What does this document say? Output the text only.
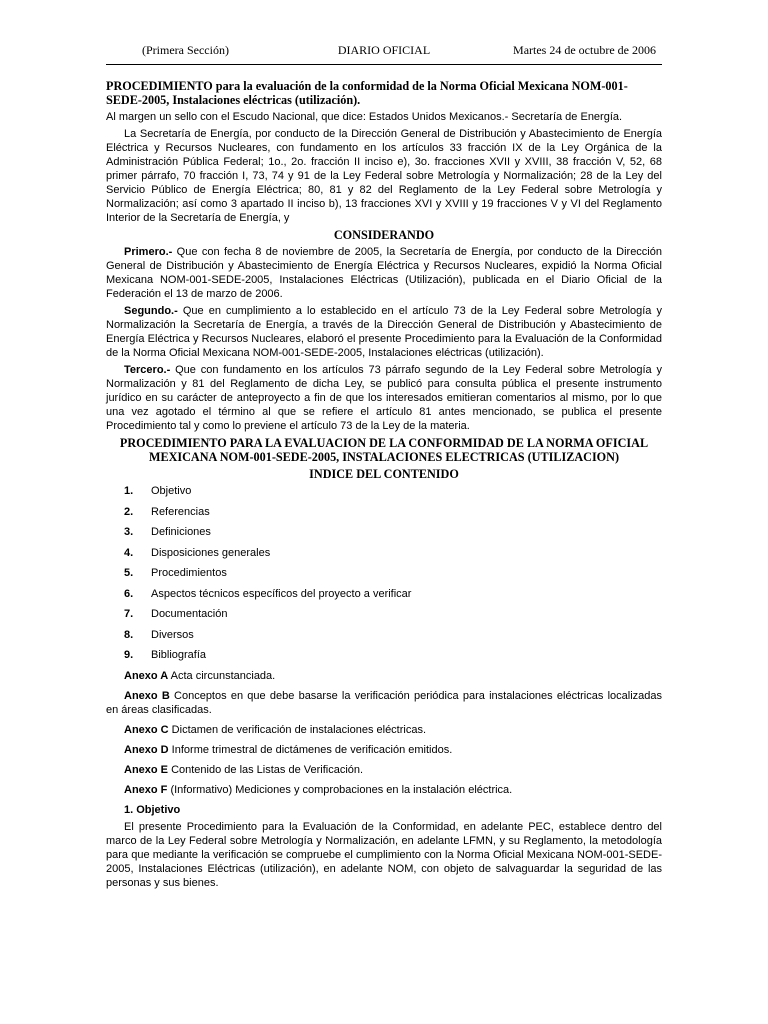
DIARIO OFICIAL
(Primera Sección)	Martes 24 de octubre de 2006

PROCEDIMIENTO para la evaluación de la conformidad de la Norma Oficial Mexicana NOM-001-SEDE-2005, Instalaciones eléctricas (utilización).

Al margen un sello con el Escudo Nacional, que dice: Estados Unidos Mexicanos.- Secretaría de Energía.

La Secretaría de Energía, por conducto de la Dirección General de Distribución y Abastecimiento de Energía Eléctrica y Recursos Nucleares, con fundamento en los artículos 33 fracción IX de la Ley Orgánica de la Administración Pública Federal; 1o., 2o. fracción II inciso e), 3o. fracciones XVII y XVIII, 38 fracción V, 52, 68 primer párrafo, 70 fracción I, 73, 74 y 91 de la Ley Federal sobre Metrología y Normalización; 28 de la Ley del Servicio Público de Energía Eléctrica; 80, 81 y 82 del Reglamento de la Ley Federal sobre Metrología y Normalización; así como 3 apartado II inciso b), 13 fracciones XVI y XVIII y 19 fracciones V y VI del Reglamento Interior de la Secretaría de Energía, y

CONSIDERANDO

Primero.- Que con fecha 8 de noviembre de 2005, la Secretaría de Energía, por conducto de la Dirección General de Distribución y Abastecimiento de Energía Eléctrica y Recursos Nucleares, expidió la Norma Oficial Mexicana NOM-001-SEDE-2005, Instalaciones Eléctricas (Utilización), publicada en el Diario Oficial de la Federación el 13 de marzo de 2006.

Segundo.- Que en cumplimiento a lo establecido en el artículo 73 de la Ley Federal sobre Metrología y Normalización la Secretaría de Energía, a través de la Dirección General de Distribución y Abastecimiento de Energía Eléctrica y Recursos Nucleares, elaboró el presente Procedimiento para la Evaluación de la Conformidad de la Norma Oficial Mexicana NOM-001-SEDE-2005, Instalaciones eléctricas (utilización).

Tercero.- Que con fundamento en los artículos 73 párrafo segundo de la Ley Federal sobre Metrología y Normalización y 81 del Reglamento de dicha Ley, se publicó para consulta pública el presente instrumento jurídico en su carácter de anteproyecto a fin de que los interesados emitieran comentarios al mismo, por lo que una vez agotado el término al que se refiere el artículo 81 antes mencionado, se publica el presente Procedimiento tal y como lo previene el artículo 73 de la Ley de la materia.

PROCEDIMIENTO PARA LA EVALUACION DE LA CONFORMIDAD DE LA NORMA OFICIAL MEXICANA NOM-001-SEDE-2005, INSTALACIONES ELECTRICAS (UTILIZACION)

INDICE DEL CONTENIDO

1. Objetivo
2. Referencias
3. Definiciones
4. Disposiciones generales
5. Procedimientos
6. Aspectos técnicos específicos del proyecto a verificar
7. Documentación
8. Diversos
9. Bibliografía

Anexo A Acta circunstanciada.

Anexo B Conceptos en que debe basarse la verificación periódica para instalaciones eléctricas localizadas en áreas clasificadas.

Anexo C Dictamen de verificación de instalaciones eléctricas.

Anexo D Informe trimestral de dictámenes de verificación emitidos.

Anexo E Contenido de las Listas de Verificación.

Anexo F (Informativo) Mediciones y comprobaciones en la instalación eléctrica.

1. Objetivo

El presente Procedimiento para la Evaluación de la Conformidad, en adelante PEC, establece dentro del marco de la Ley Federal sobre Metrología y Normalización, en adelante LFMN, y su Reglamento, la metodología para que mediante la verificación se compruebe el cumplimiento con la Norma Oficial Mexicana NOM-001-SEDE-2005, Instalaciones Eléctricas (utilización), en adelante NOM, con objeto de salvaguardar la seguridad de las personas y sus bienes.
